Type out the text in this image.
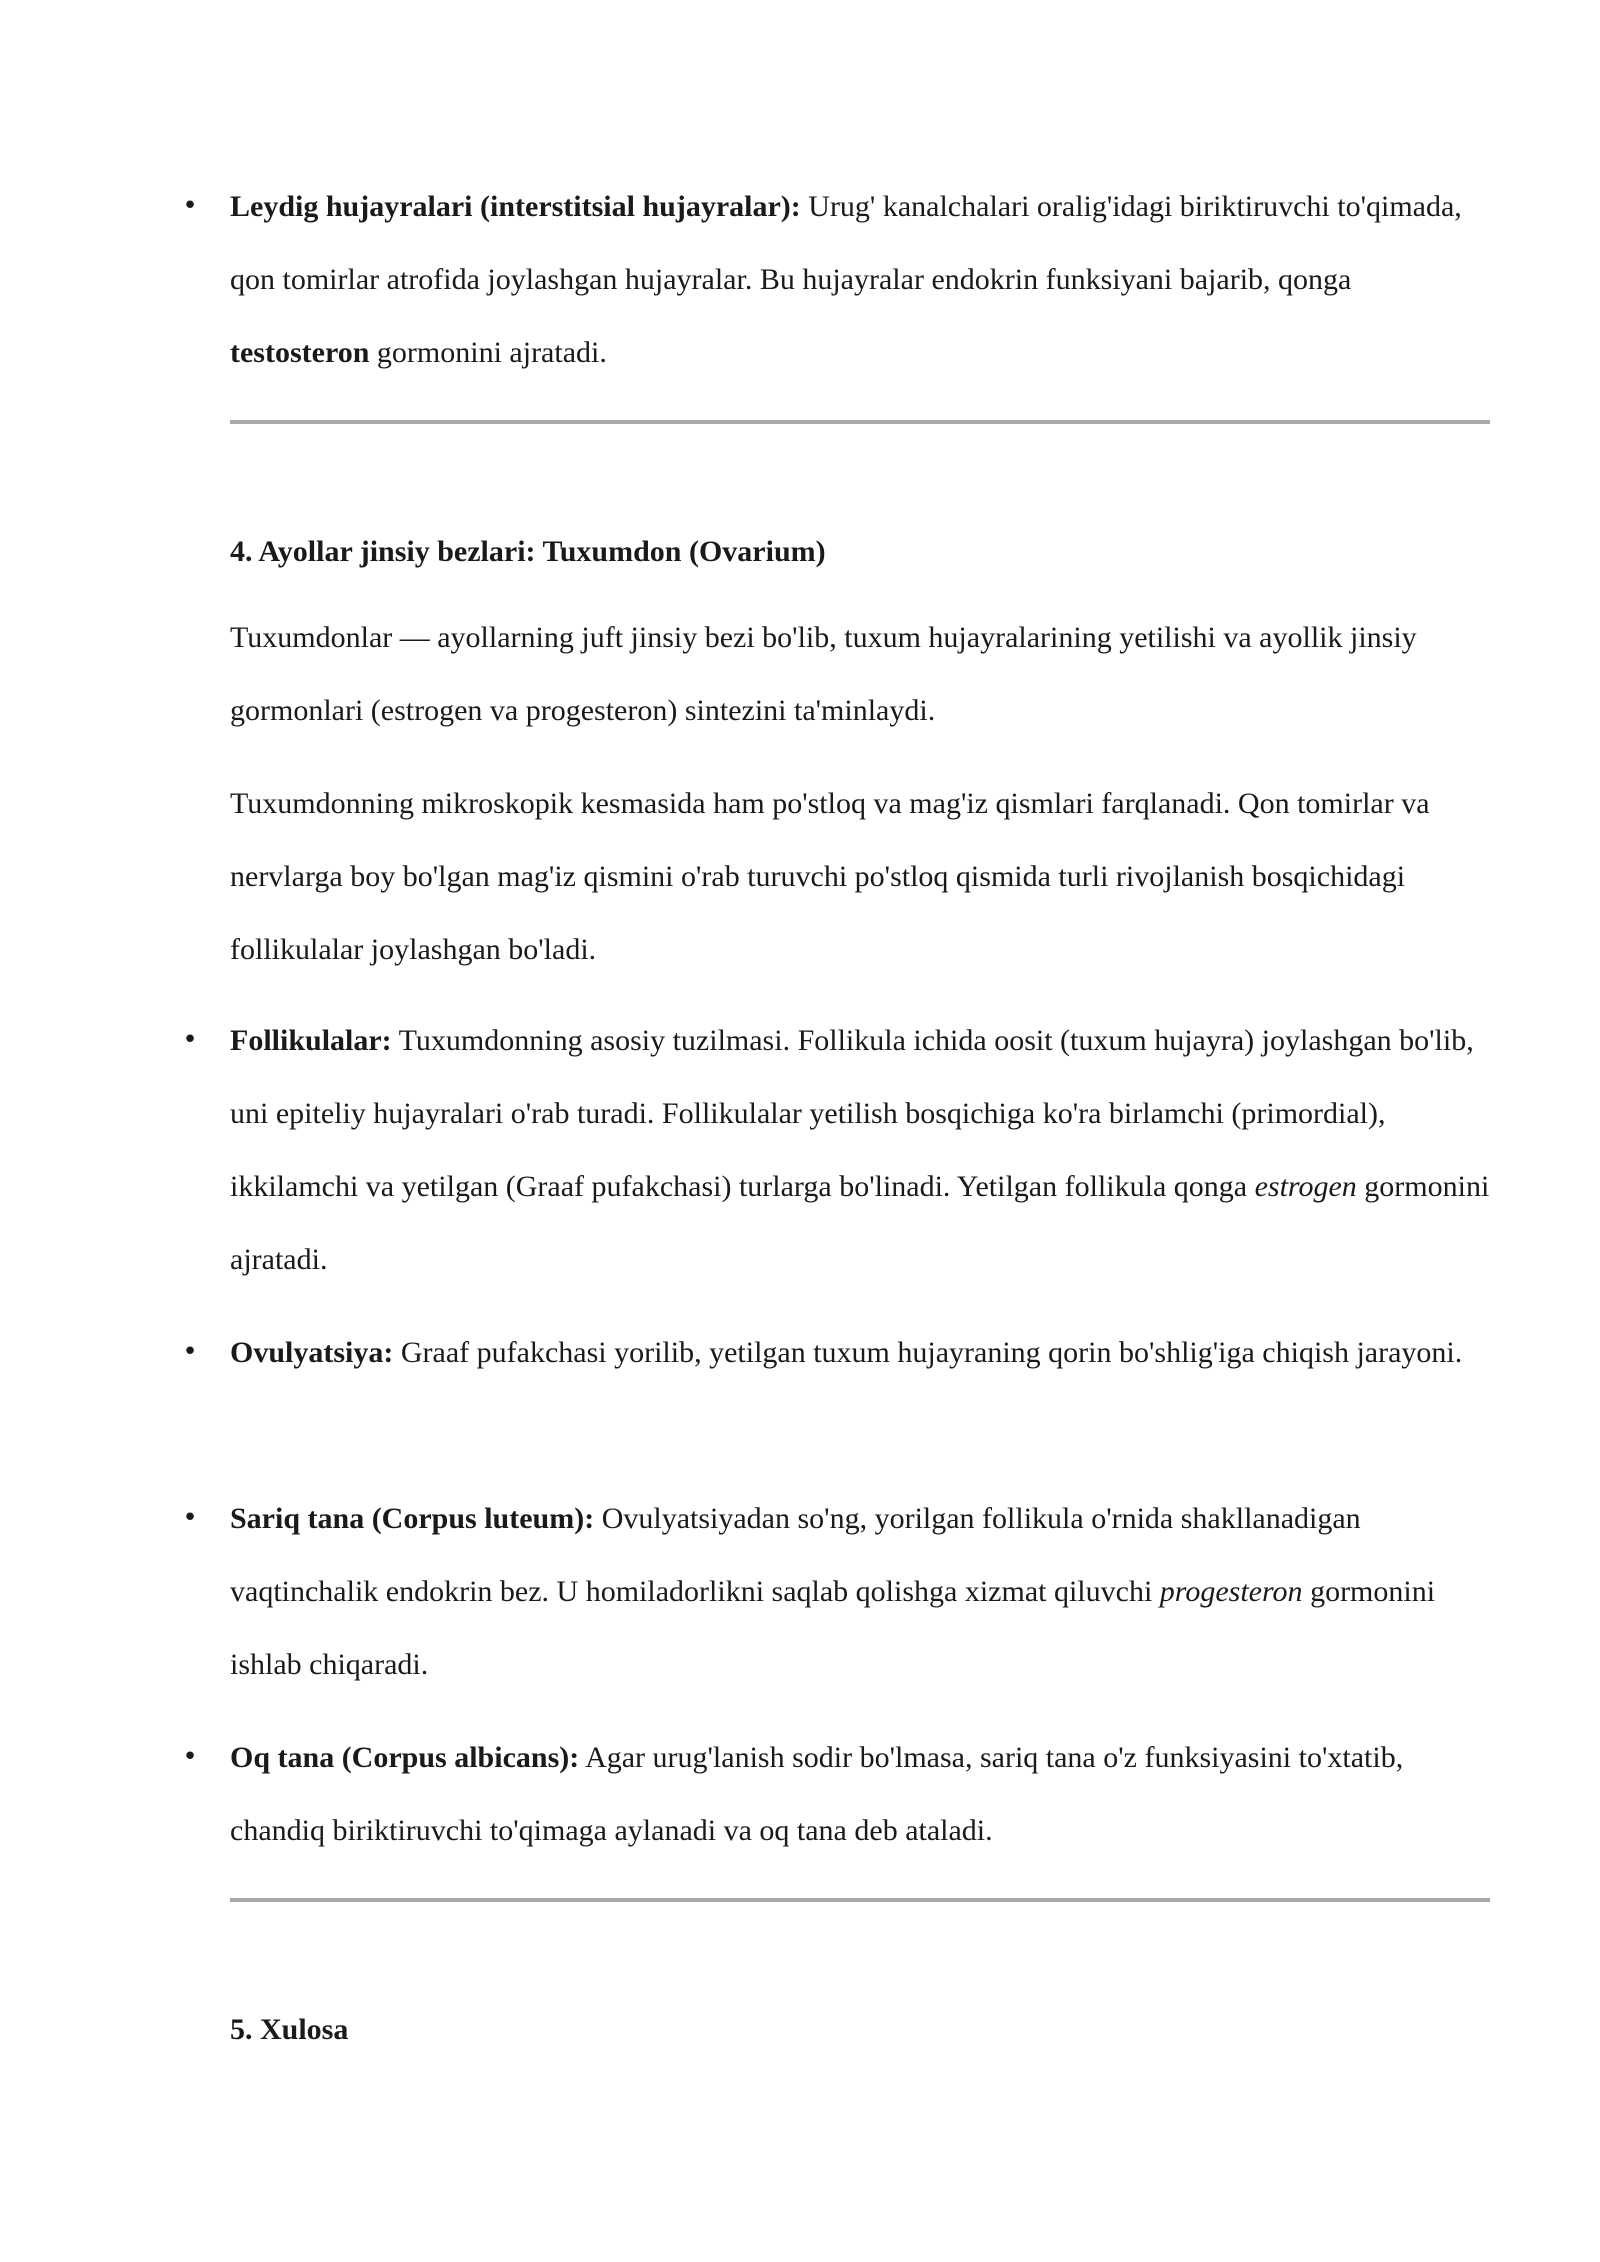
• Leydig hujayralari (interstitsial hujayralar): Urug' kanalchalari oralig'idagi biriktiruvchi to'qimada, qon tomirlar atrofida joylashgan hujayralar. Bu hujayralar endokrin funksiyani bajarib, qonga testosteron gormonini ajratadi.
4. Ayollar jinsiy bezlari: Tuxumdon (Ovarium)
Tuxumdonlar — ayollarning juft jinsiy bezi bo'lib, tuxum hujayralarining yetilishi va ayollik jinsiy gormonlari (estrogen va progesteron) sintezini ta'minlaydi.
Tuxumdonning mikroskopik kesmasida ham po'stloq va mag'iz qismlari farqlanadi. Qon tomirlar va nervlarga boy bo'lgan mag'iz qismini o'rab turuvchi po'stloq qismida turli rivojlanish bosqichidagi follikulalar joylashgan bo'ladi.
• Follikulalar: Tuxumdonning asosiy tuzilmasi. Follikula ichida oosit (tuxum hujayra) joylashgan bo'lib, uni epiteliy hujayralari o'rab turadi. Follikulalar yetilish bosqichiga ko'ra birlamchi (primordial), ikkilamchi va yetilgan (Graaf pufakchasi) turlarga bo'linadi. Yetilgan follikula qonga estrogen gormonini ajratadi.
• Ovulyatsiya: Graaf pufakchasi yorilib, yetilgan tuxum hujayraning qorin bo'shlig'iga chiqish jarayoni.
• Sariq tana (Corpus luteum): Ovulyatsiyadan so'ng, yorilgan follikula o'rnida shakllanadigan vaqtinchalik endokrin bez. U homiladorlikni saqlab qolishga xizmat qiluvchi progesteron gormonini ishlab chiqaradi.
• Oq tana (Corpus albicans): Agar urug'lanish sodir bo'lmasa, sariq tana o'z funksiyasini to'xtatib, chandiq biriktiruvchi to'qimaga aylanadi va oq tana deb ataladi.
5. Xulosa
